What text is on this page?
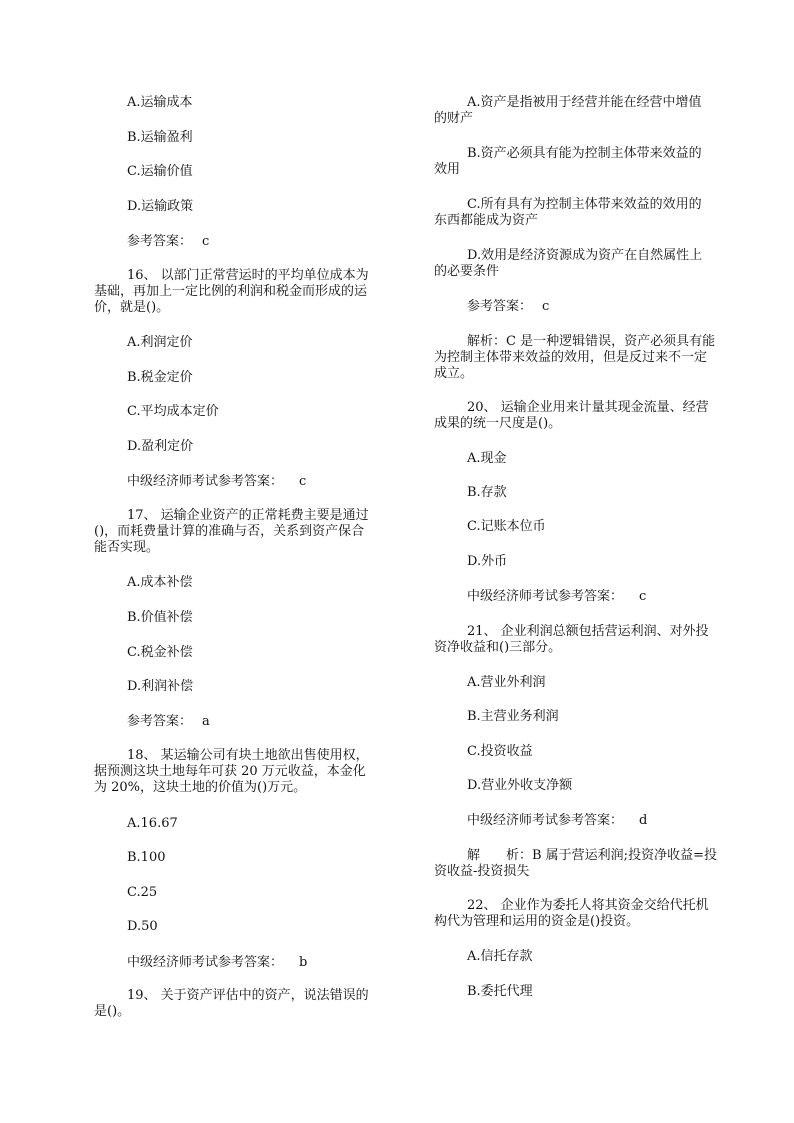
A.运输成本
B.运输盈利
C.运输价值
D.运输政策
参考答案： c
16、 以部门正常营运时的平均单位成本为
基础，再加上一定比例的利润和税金而形成的运
价，就是()。
A.利润定价
B.税金定价
C.平均成本定价
D.盈利定价
中级经济师考试参考答案： c
17、 运输企业资产的正常耗费主要是通过
()，而耗费量计算的准确与否，关系到资产保合
能否实现。
A.成本补偿
B.价值补偿
C.税金补偿
D.利润补偿
参考答案： a
18、 某运输公司有块土地欲出售使用权，
据预测这块土地每年可获 20 万元收益，本金化
为 20%，这块土地的价值为()万元。
A.16.67
B.100
C.25
D.50
中级经济师考试参考答案： b
19、 关于资产评估中的资产，说法错误的
是()。
A.资产是指被用于经营并能在经营中增值
的财产
B.资产必须具有能为控制主体带来效益的
效用
C.所有具有为控制主体带来效益的效用的
东西都能成为资产
D.效用是经济资源成为资产在自然属性上
的必要条件
参考答案： c
解析：C 是一种逻辑错误，资产必须具有能
为控制主体带来效益的效用，但是反过来不一定
成立。
20、 运输企业用来计量其现金流量、经营
成果的统一尺度是()。
A.现金
B.存款
C.记账本位币
D.外币
中级经济师考试参考答案： c
21、 企业利润总额包括营运利润、对外投
资净收益和()三部分。
A.营业外利润
B.主营业务利润
C.投资收益
D.营业外收支净额
中级经济师考试参考答案： d
解　　析：B 属于营运利润;投资净收益=投
资收益-投资损失
22、 企业作为委托人将其资金交给代托机
构代为管理和运用的资金是()投资。
A.信托存款
B.委托代理
